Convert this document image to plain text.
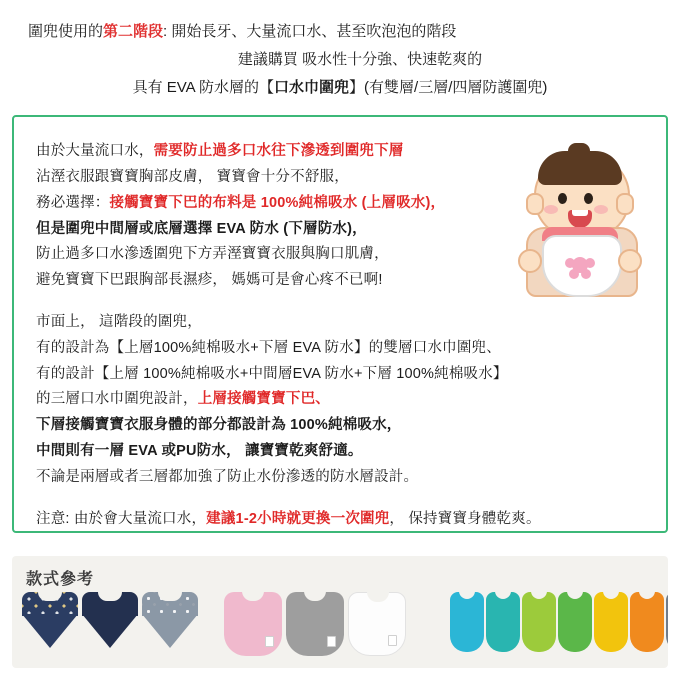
圍兜使用的第二階段: 開始長牙、大量流口水、甚至吹泡泡的階段
建議購買 吸水性十分強、快速乾爽的
具有 EVA 防水層的【口水巾圍兜】(有雙層/三層/四層防護圍兜)

由於大量流口水，需要防止過多口水往下滲透到圍兜下層

沾溼衣服跟寶寶胸部皮膚， 寶寶會十分不舒服，

務必選擇：接觸寶寶下巴的布料是 100%純棉吸水 (上層吸水)，

但是圍兜中間層或底層選擇 EVA 防水 (下層防水)，

防止過多口水滲透圍兜下方弄溼寶寶衣服與胸口肌膚，

避免寶寶下巴跟胸部長濕疹， 媽媽可是會心疼不已啊!

市面上， 這階段的圍兜，

有的設計為【上層100%純棉吸水+下層 EVA 防水】的雙層口水巾圍兜、

有的設計【上層 100%純棉吸水+中間層EVA 防水+下層 100%純棉吸水】

的三層口水巾圍兜設計，上層接觸寶寶下巴、

下層接觸寶寶衣服身體的部分都設計為 100%純棉吸水，

中間則有一層 EVA 或PU防水， 讓寶寶乾爽舒適。

不論是兩層或者三層都加強了防止水份滲透的防水層設計。

注意: 由於會大量流口水，建議1-2小時就更換一次圍兜， 保持寶寶身體乾爽。

款式參考
